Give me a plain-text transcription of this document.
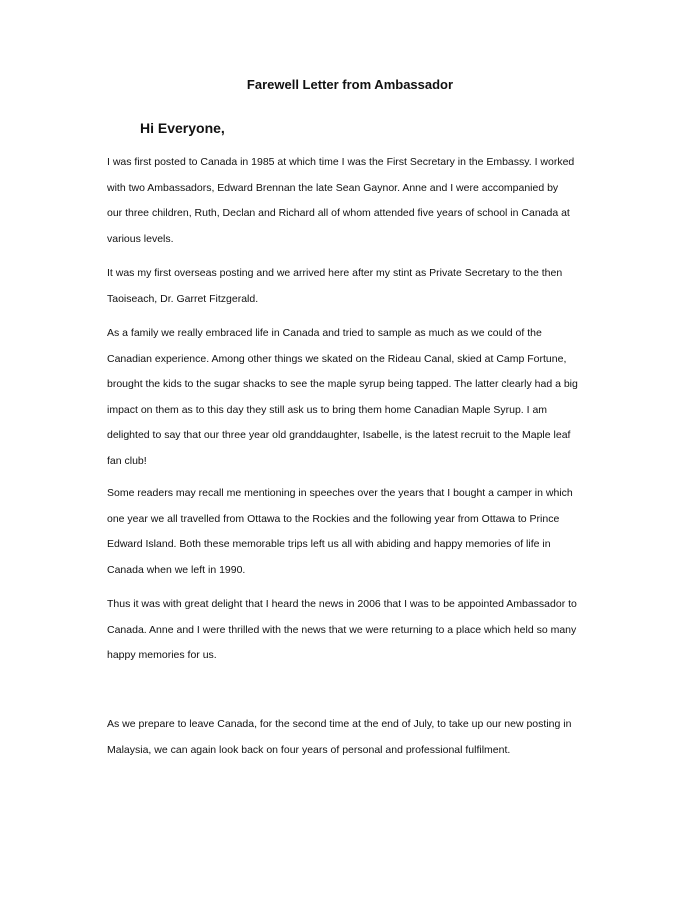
Farewell Letter from Ambassador
Hi Everyone,

I was first posted to Canada in 1985 at which time I was the First Secretary in the Embassy. I worked
with two Ambassadors, Edward Brennan the late Sean Gaynor. Anne and I were accompanied by
our three children, Ruth, Declan and Richard all of whom attended five years of school in Canada at
various levels.

It was my first overseas posting and we arrived here after my stint as Private Secretary to the then
Taoiseach, Dr. Garret Fitzgerald.

As a family we really embraced life in Canada and tried to sample as much as we could of the
Canadian experience. Among other things we skated on the Rideau Canal, skied at Camp Fortune,
brought the kids to the sugar shacks to see the maple syrup being tapped. The latter clearly had a big
impact on them as to this day they still ask us to bring them home Canadian Maple Syrup. I am
delighted to say that our three year old granddaughter, Isabelle, is the latest recruit to the Maple leaf
fan club!

Some readers may recall me mentioning in speeches over the years that I bought a camper in which
one year we all travelled from Ottawa to the Rockies and the following year from Ottawa to Prince
Edward Island. Both these memorable trips left us all with abiding and happy memories of life in
Canada when we left in 1990.

Thus it was with great delight that I heard the news in 2006 that I was to be appointed Ambassador to
Canada. Anne and I were thrilled with the news that we were returning to a place which held so many
happy memories for us.

As we prepare to leave Canada, for the second time at the end of July, to take up our new posting in
Malaysia, we can again look back on four years of personal and professional fulfilment.
